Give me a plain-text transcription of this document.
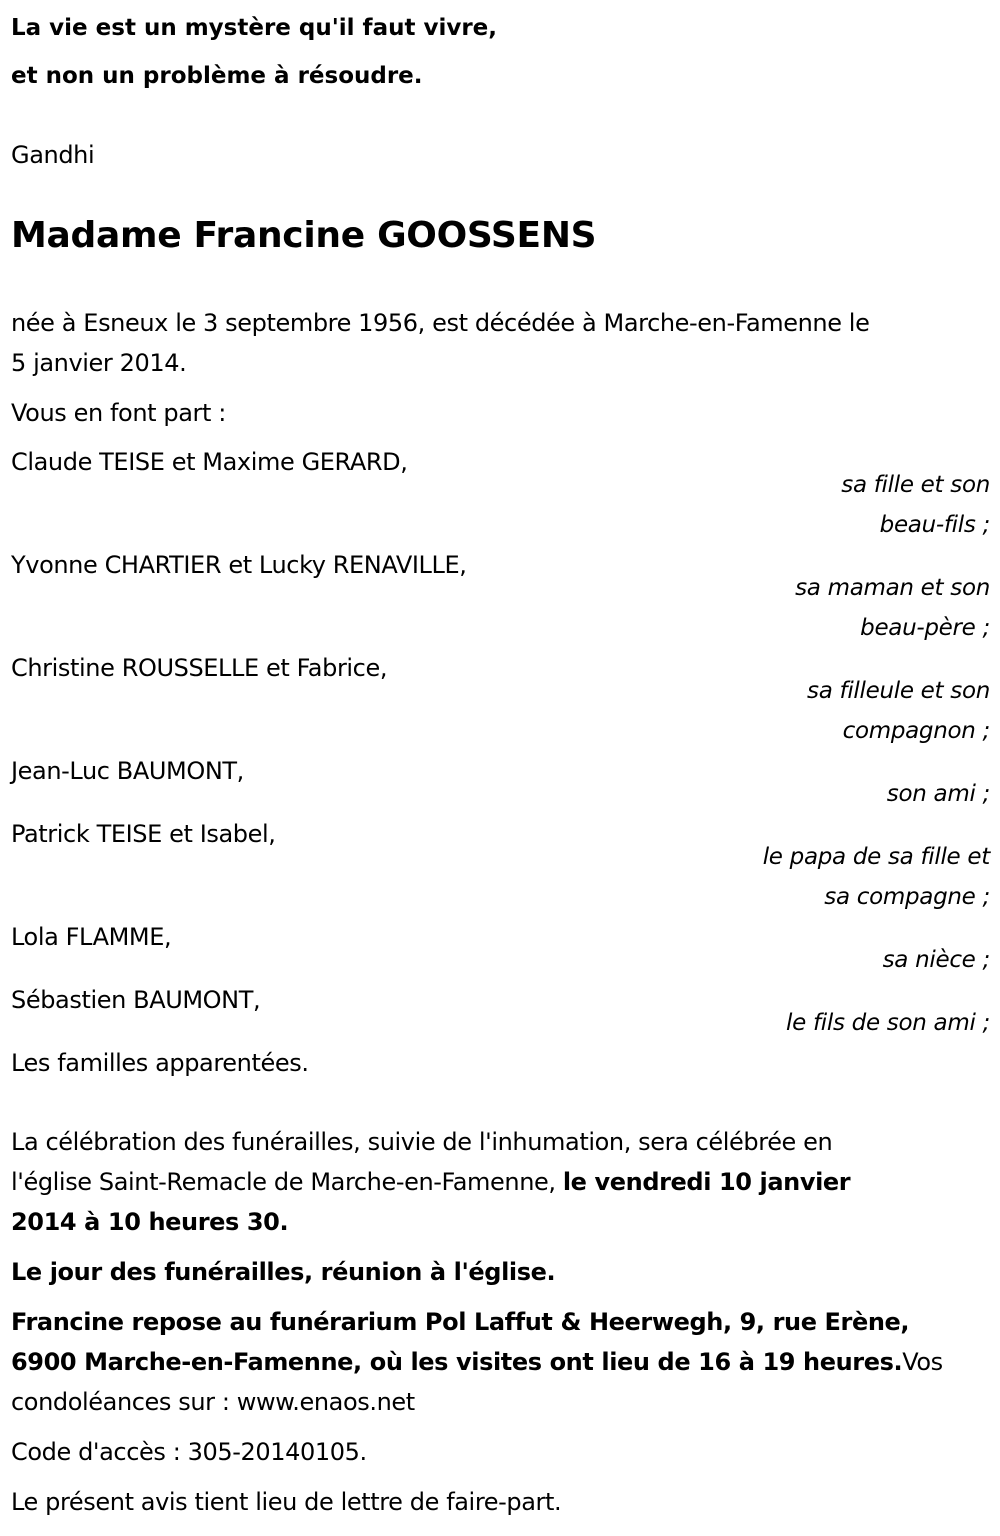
La vie est un mystère qu'il faut vivre,
et non un problème à résoudre.
Gandhi
Madame Francine GOOSSENS
née à Esneux le 3 septembre 1956, est décédée à Marche-en-Famenne le
5 janvier 2014.
Vous en font part :
Claude TEISE et Maxime GERARD,
sa fille et son
beau-fils ;
Yvonne CHARTIER et Lucky RENAVILLE,
sa maman et son
beau-père ;
Christine ROUSSELLE et Fabrice,
sa filleule et son
compagnon ;
Jean-Luc BAUMONT,
son ami ;
Patrick TEISE et Isabel,
le papa de sa fille et
sa compagne ;
Lola FLAMME,
sa nièce ;
Sébastien BAUMONT,
le fils de son ami ;
Les familles apparentées.
La célébration des funérailles, suivie de l'inhumation, sera célébrée en
l'église Saint-Remacle de Marche-en-Famenne, le vendredi 10 janvier
2014 à 10 heures 30.
Le jour des funérailles, réunion à l'église.
Francine repose au funérarium Pol Laffut & Heerwegh, 9, rue Erène,
6900 Marche-en-Famenne, où les visites ont lieu de 16 à 19 heures.Vos
condoléances sur : www.enaos.net
Code d'accès : 305-20140105.
Le présent avis tient lieu de lettre de faire-part.
